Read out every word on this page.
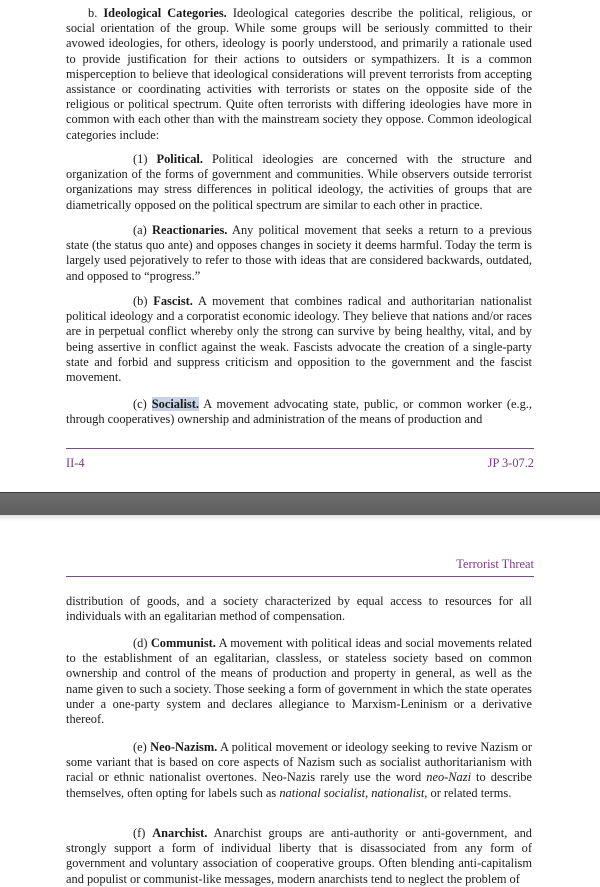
b. Ideological Categories. Ideological categories describe the political, religious, or social orientation of the group. While some groups will be seriously committed to their avowed ideologies, for others, ideology is poorly understood, and primarily a rationale used to provide justification for their actions to outsiders or sympathizers. It is a common misperception to believe that ideological considerations will prevent terrorists from accepting assistance or coordinating activities with terrorists or states on the opposite side of the religious or political spectrum. Quite often terrorists with differing ideologies have more in common with each other than with the mainstream society they oppose. Common ideological categories include:

(1) Political. Political ideologies are concerned with the structure and organization of the forms of government and communities. While observers outside terrorist organizations may stress differences in political ideology, the activities of groups that are diametrically opposed on the political spectrum are similar to each other in practice.

(a) Reactionaries. Any political movement that seeks a return to a previous state (the status quo ante) and opposes changes in society it deems harmful. Today the term is largely used pejoratively to refer to those with ideas that are considered backwards, outdated, and opposed to “progress.”

(b) Fascist. A movement that combines radical and authoritarian nationalist political ideology and a corporatist economic ideology. They believe that nations and/or races are in perpetual conflict whereby only the strong can survive by being healthy, vital, and by being assertive in conflict against the weak. Fascists advocate the creation of a single-party state and forbid and suppress criticism and opposition to the government and the fascist movement.

(c) Socialist. A movement advocating state, public, or common worker (e.g., through cooperatives) ownership and administration of the means of production and

II-4	JP 3-07.2
Terrorist Threat

distribution of goods, and a society characterized by equal access to resources for all individuals with an egalitarian method of compensation.

(d) Communist. A movement with political ideas and social movements related to the establishment of an egalitarian, classless, or stateless society based on common ownership and control of the means of production and property in general, as well as the name given to such a society. Those seeking a form of government in which the state operates under a one-party system and declares allegiance to Marxism-Leninism or a derivative thereof.

(e) Neo-Nazism. A political movement or ideology seeking to revive Nazism or some variant that is based on core aspects of Nazism such as socialist authoritarianism with racial or ethnic nationalist overtones. Neo-Nazis rarely use the word neo-Nazi to describe themselves, often opting for labels such as national socialist, nationalist, or related terms.

(f) Anarchist. Anarchist groups are anti-authority or anti-government, and strongly support a form of individual liberty that is disassociated from any form of government and voluntary association of cooperative groups. Often blending anti-capitalism and populist or communist-like messages, modern anarchists tend to neglect the problem of
